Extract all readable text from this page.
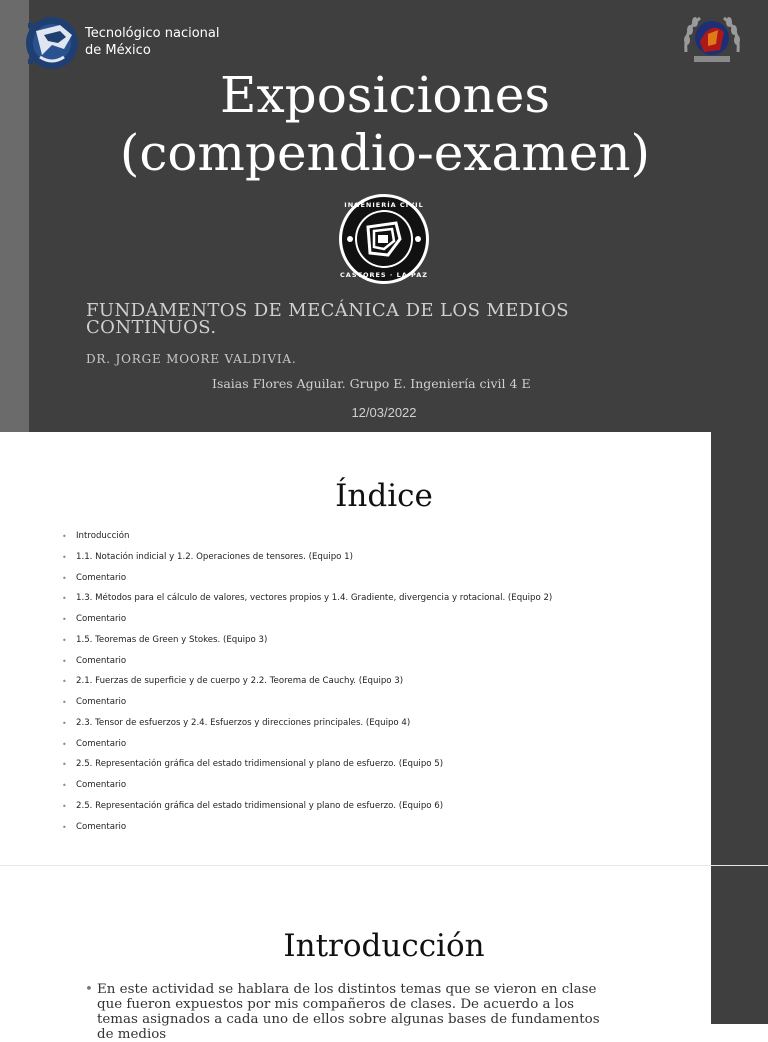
Tecnológico nacional
de México
Exposiciones
(compendio-examen)
INGENIERÍA CIVIL
CASTORES · LA PAZ
FUNDAMENTOS DE MECÁNICA DE LOS MEDIOS CONTINUOS.
DR. JORGE MOORE VALDIVIA.
Isaias Flores Aguilar. Grupo E. Ingeniería civil 4 E
12/03/2022
Índice
• Introducción
• 1.1. Notación indicial y 1.2. Operaciones de tensores. (Equipo 1)
• Comentario
• 1.3. Métodos para el cálculo de valores, vectores propios y 1.4. Gradiente, divergencia y rotacional. (Equipo 2)
• Comentario
• 1.5. Teoremas de Green y Stokes. (Equipo 3)
• Comentario
• 2.1. Fuerzas de superficie y de cuerpo y 2.2. Teorema de Cauchy. (Equipo 3)
• Comentario
• 2.3. Tensor de esfuerzos y 2.4. Esfuerzos y direcciones principales. (Equipo 4)
• Comentario
• 2.5. Representación gráfica del estado tridimensional y plano de esfuerzo. (Equipo 5)
• Comentario
• 2.5. Representación gráfica del estado tridimensional y plano de esfuerzo. (Equipo 6)
• Comentario
Introducción
• En este actividad se hablara de los distintos temas que se vieron en clase que fueron expuestos por mis compañeros de clases. De acuerdo a los temas asignados a cada uno de ellos sobre algunas bases de fundamentos de medios
